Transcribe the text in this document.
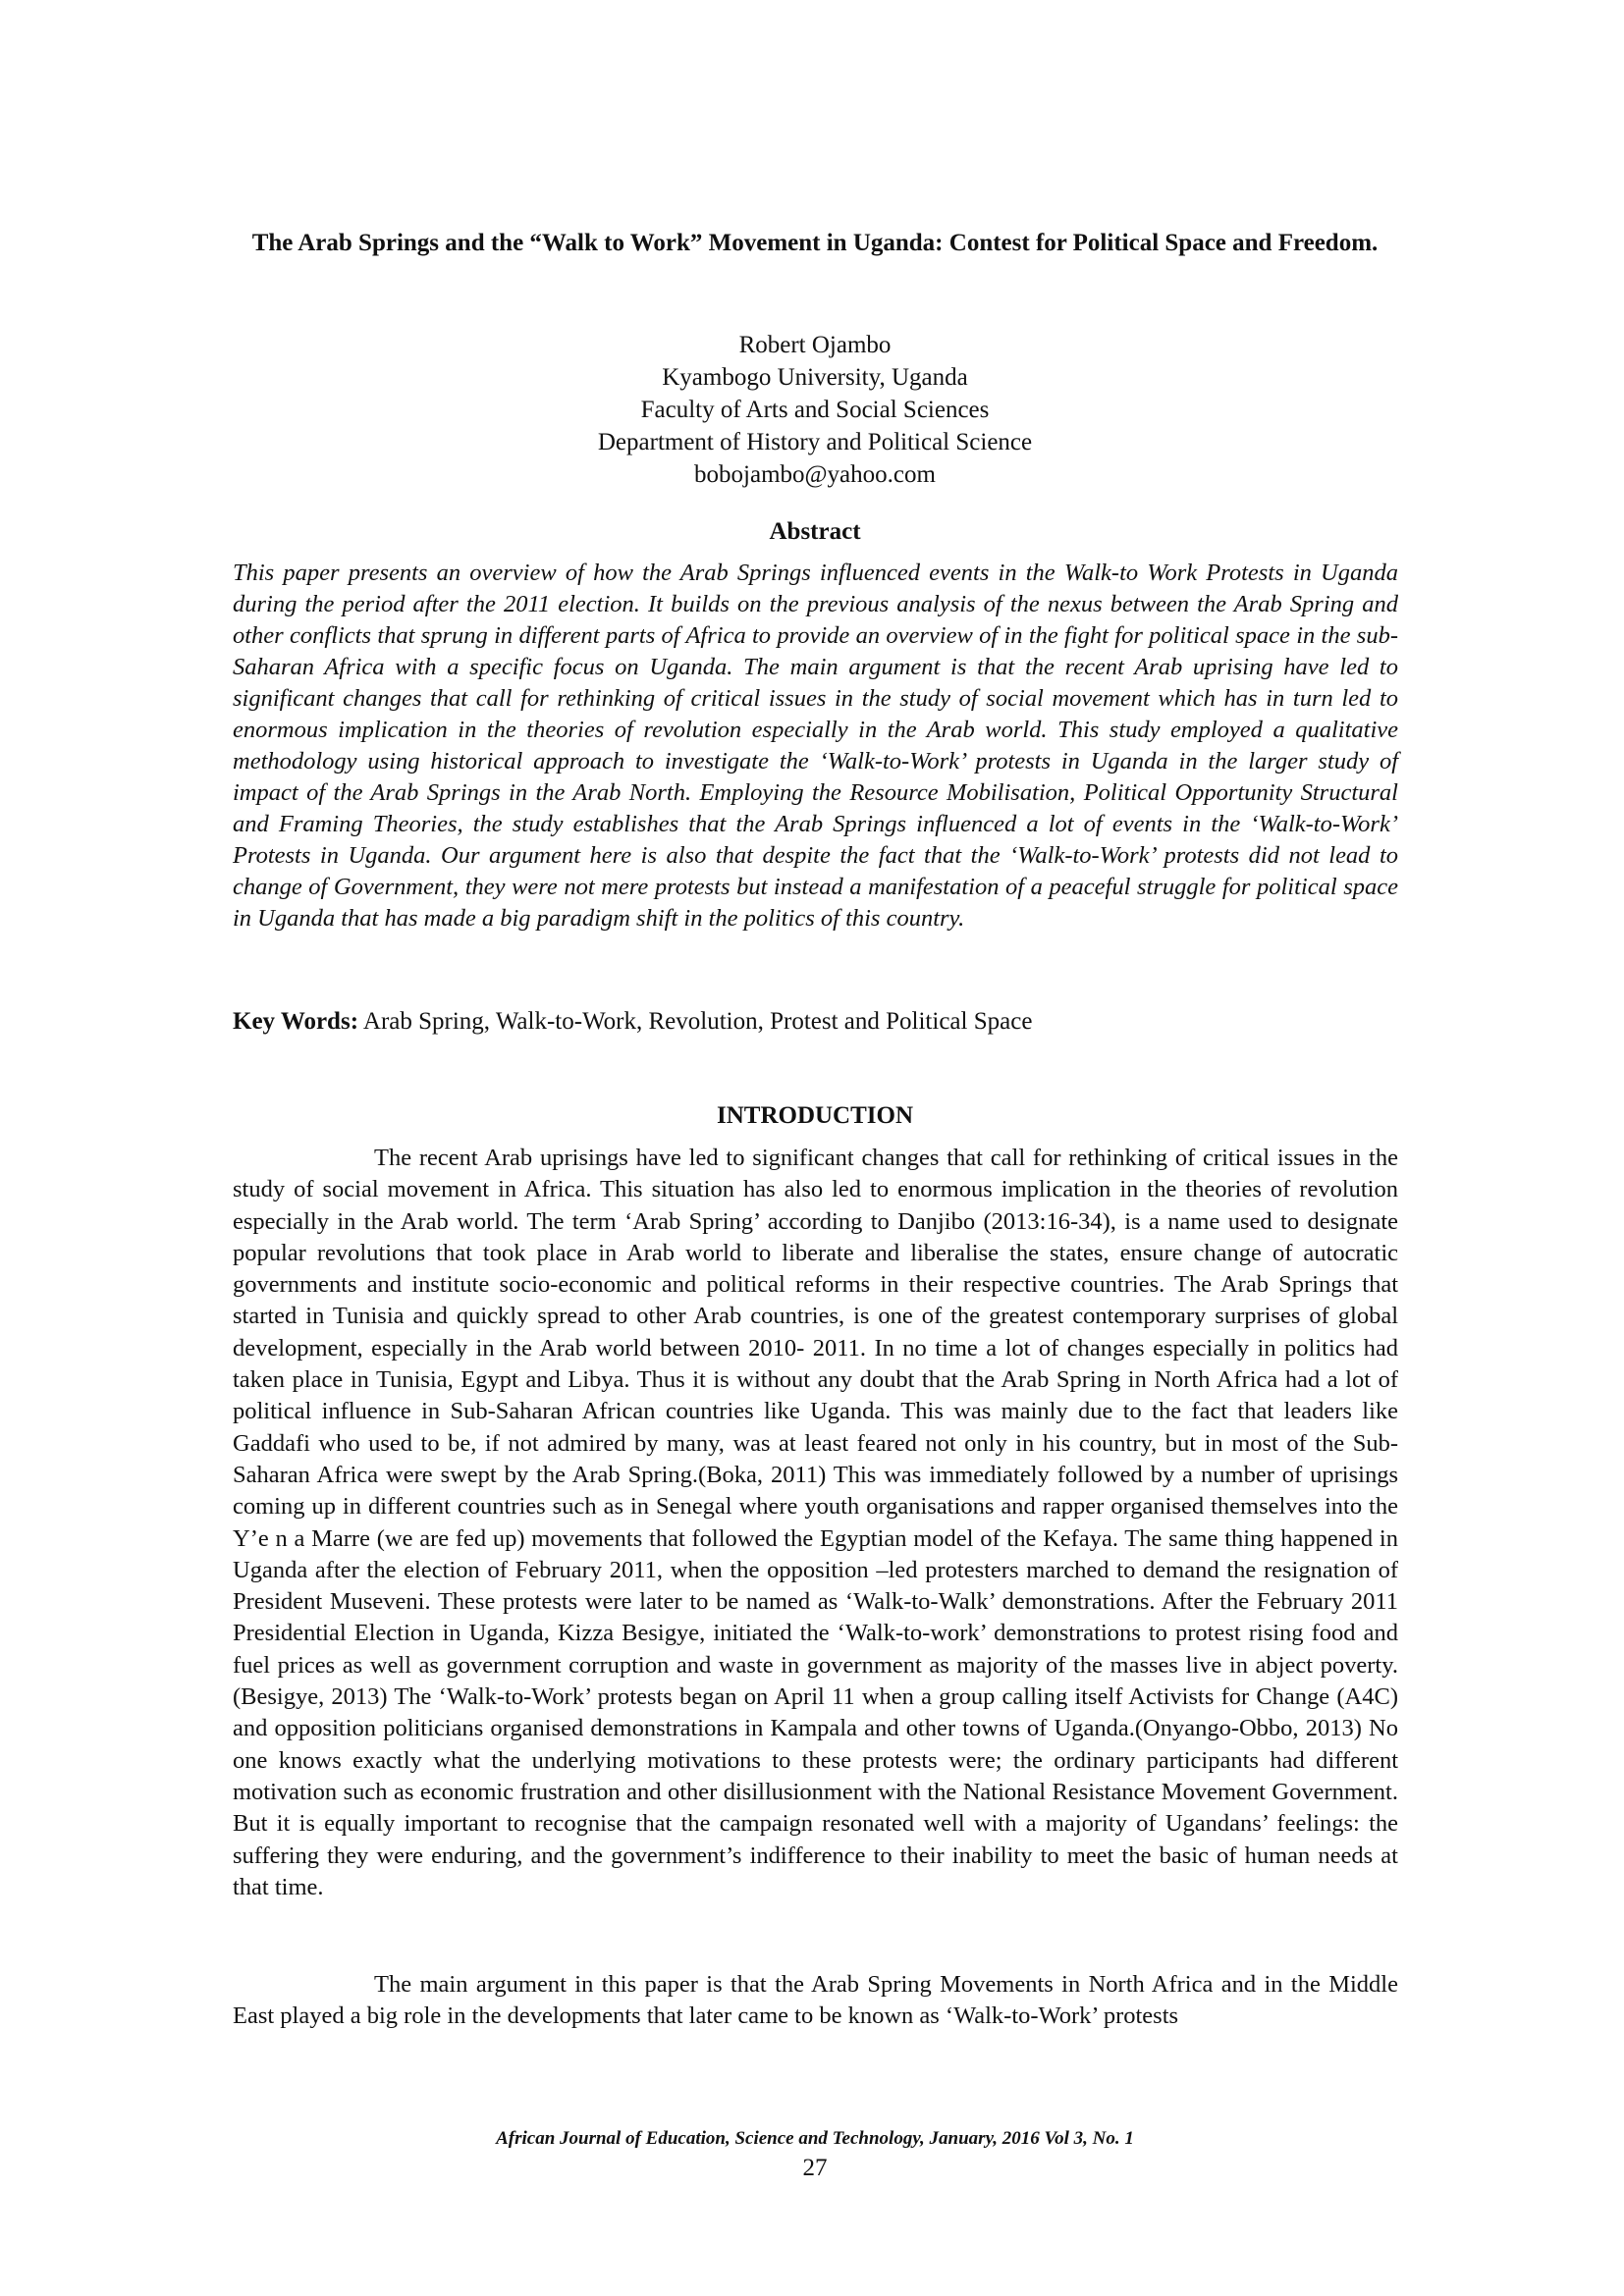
The Arab Springs and the “Walk to Work” Movement in Uganda: Contest for Political Space and Freedom.
Robert Ojambo
Kyambogo University, Uganda
Faculty of Arts and Social Sciences
Department of History and Political Science
bobojambo@yahoo.com
Abstract

This paper presents an overview of how the Arab Springs influenced events in the Walk-to Work Protests in Uganda during the period after the 2011 election. It builds on the previous analysis of the nexus between the Arab Spring and other conflicts that sprung in different parts of Africa to provide an overview of in the fight for political space in the sub-Saharan Africa with a specific focus on Uganda. The main argument is that the recent Arab uprising have led to significant changes that call for rethinking of critical issues in the study of social movement which has in turn led to enormous implication in the theories of revolution especially in the Arab world. This study employed a qualitative methodology using historical approach to investigate the ‘Walk-to-Work’ protests in Uganda in the larger study of impact of the Arab Springs in the Arab North. Employing the Resource Mobilisation, Political Opportunity Structural and Framing Theories, the study establishes that the Arab Springs influenced a lot of events in the ‘Walk-to-Work’ Protests in Uganda. Our argument here is also that despite the fact that the ‘Walk-to-Work’ protests did not lead to change of Government, they were not mere protests but instead a manifestation of a peaceful struggle for political space in Uganda that has made a big paradigm shift in the politics of this country.

Key Words: Arab Spring, Walk-to-Work, Revolution, Protest and Political Space

INTRODUCTION

The recent Arab uprisings have led to significant changes that call for rethinking of critical issues in the study of social movement in Africa. This situation has also led to enormous implication in the theories of revolution especially in the Arab world. The term ‘Arab Spring’ according to Danjibo (2013:16-34), is a name used to designate popular revolutions that took place in Arab world to liberate and liberalise the states, ensure change of autocratic governments and institute socio-economic and political reforms in their respective countries. The Arab Springs that started in Tunisia and quickly spread to other Arab countries, is one of the greatest contemporary surprises of global development, especially in the Arab world between 2010- 2011. In no time a lot of changes especially in politics had taken place in Tunisia, Egypt and Libya. Thus it is without any doubt that the Arab Spring in North Africa had a lot of political influence in Sub-Saharan African countries like Uganda. This was mainly due to the fact that leaders like Gaddafi who used to be, if not admired by many, was at least feared not only in his country, but in most of the Sub-Saharan Africa were swept by the Arab Spring.(Boka, 2011) This was immediately followed by a number of uprisings coming up in different countries such as in Senegal where youth organisations and rapper organised themselves into the Y’e n a Marre (we are fed up) movements that followed the Egyptian model of the Kefaya. The same thing happened in Uganda after the election of February 2011, when the opposition –led protesters marched to demand the resignation of President Museveni. These protests were later to be named as ‘Walk-to-Walk’ demonstrations. After the February 2011 Presidential Election in Uganda, Kizza Besigye, initiated the ‘Walk-to-work’ demonstrations to protest rising food and fuel prices as well as government corruption and waste in government as majority of the masses live in abject poverty. (Besigye, 2013) The ‘Walk-to-Work’ protests began on April 11 when a group calling itself Activists for Change (A4C) and opposition politicians organised demonstrations in Kampala and other towns of Uganda.(Onyango-Obbo, 2013) No one knows exactly what the underlying motivations to these protests were; the ordinary participants had different motivation such as economic frustration and other disillusionment with the National Resistance Movement Government. But it is equally important to recognise that the campaign resonated well with a majority of Ugandans’ feelings: the suffering they were enduring, and the government’s indifference to their inability to meet the basic of human needs at that time.

The main argument in this paper is that the Arab Spring Movements in North Africa and in the Middle East played a big role in the developments that later came to be known as ‘Walk-to-Work’ protests

African Journal of Education, Science and Technology, January, 2016 Vol 3, No. 1
27
